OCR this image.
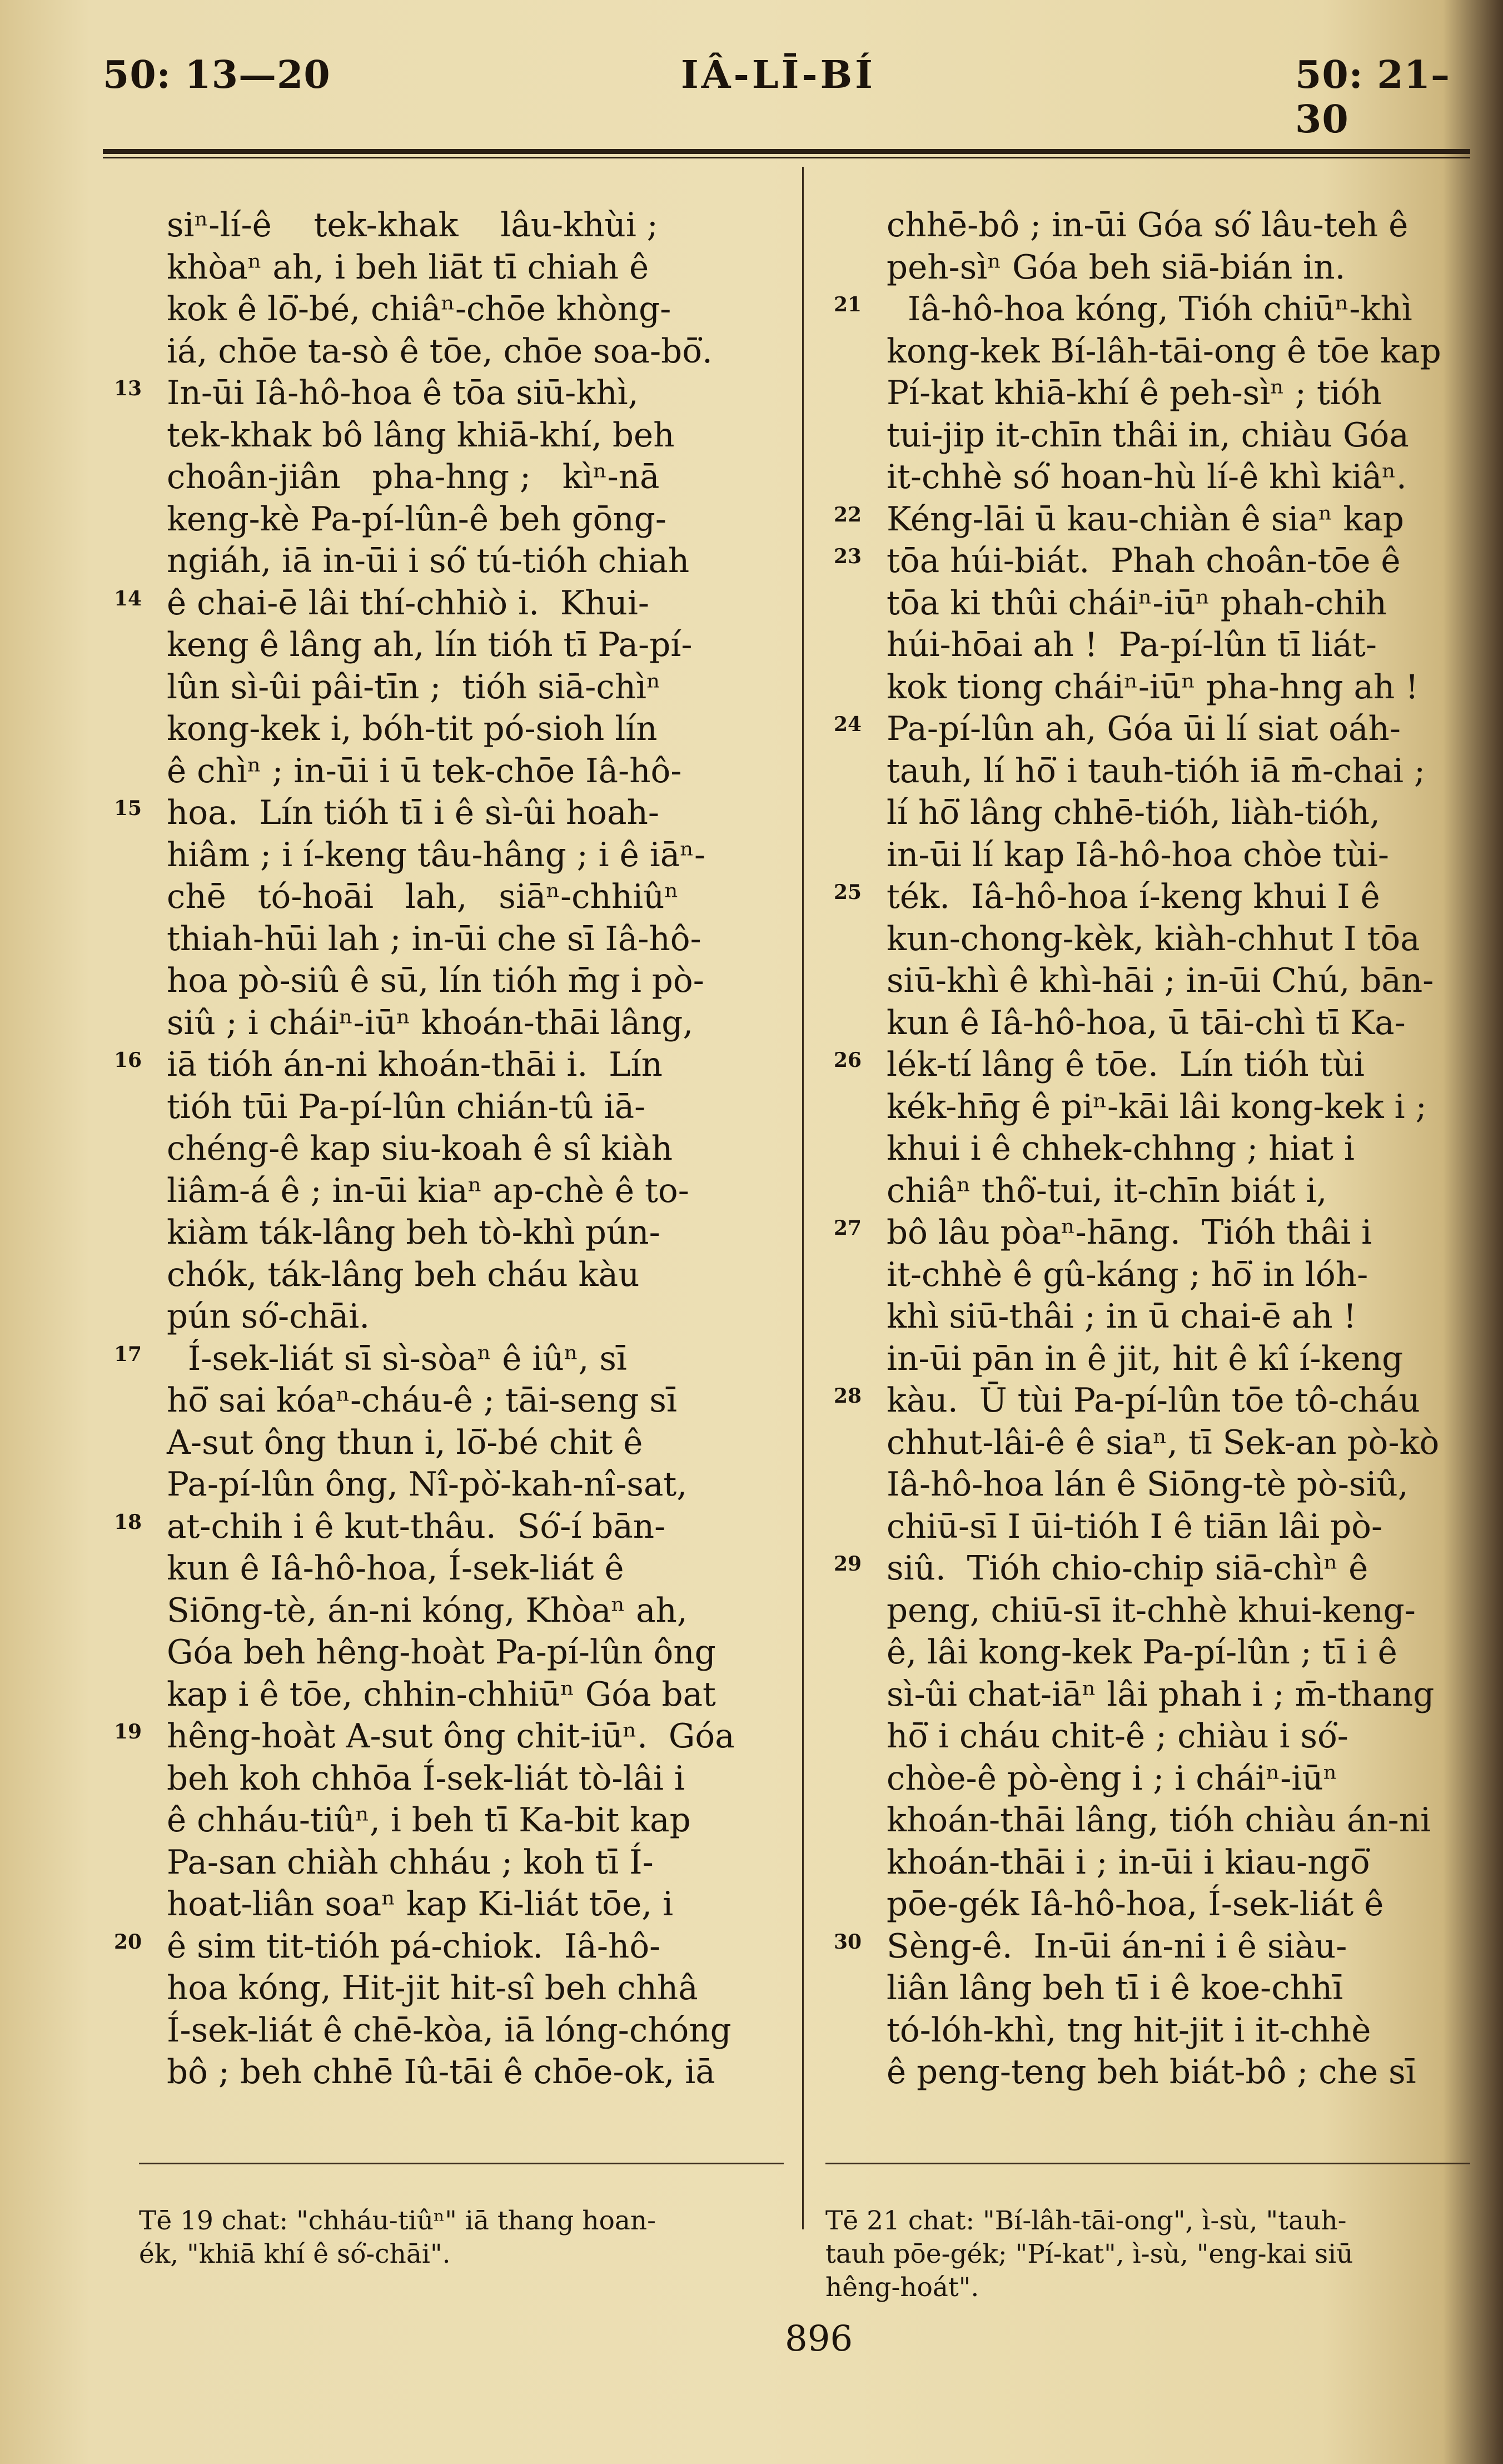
50: 13—20	IÂ-LĪ-BÍ	50: 21–30
siⁿ-lí-ê    tek-khak    lâu-khùi ;
khòaⁿ ah, i beh liāt tī chiah ê
kok ê lō͘-bé, chiâⁿ-chōe khòng-
iá, chōe ta-sò ê tōe, chōe soa-bō͘.
13 In-ūi Iâ-hô-hoa ê tōa siū-khì,
tek-khak bô lâng khiā-khí, beh
choân-jiân   pha-hng ;   kìⁿ-nā
keng-kè Pa-pí-lûn-ê beh gōng-
ngiáh, iā in-ūi i só͘ tú-tióh chiah
14 ê chai-ē lâi thí-chhiò i.  Khui-
keng ê lâng ah, lín tióh tī Pa-pí-
lûn sì-ûi pâi-tīn ;  tióh siā-chìⁿ
kong-kek i, bóh-tit pó-sioh lín
ê chìⁿ ; in-ūi i ū tek-chōe Iâ-hô-
15 hoa.  Lín tióh tī i ê sì-ûi hoah-
hiâm ; i í-keng tâu-hâng ; i ê iāⁿ-
chē   tó-hoāi   lah,   siāⁿ-chhiûⁿ
thiah-hūi lah ; in-ūi che sī Iâ-hô-
hoa pò-siû ê sū, lín tióh m̄g i pò-
siû ; i cháiⁿ-iūⁿ khoán-thāi lâng,
16 iā tióh án-ni khoán-thāi i.  Lín
tióh tūi Pa-pí-lûn chián-tû iā-
chéng-ê kap siu-koah ê sî kiàh
liâm-á ê ; in-ūi kiaⁿ ap-chè ê to-
kiàm ták-lâng beh tò-khì pún-
chók, ták-lâng beh cháu kàu
pún só͘-chāi.
17 Í-sek-liát sī sì-sòaⁿ ê iûⁿ, sī
hō͘ sai kóaⁿ-cháu-ê ; tāi-seng sī
A-sut ông thun i, lō͘-bé chit ê
Pa-pí-lûn ông, Nî-pò͘-kah-nî-sat,
18 at-chih i ê kut-thâu.  Só͘-í bān-
kun ê Iâ-hô-hoa, Í-sek-liát ê
Siōng-tè, án-ni kóng, Khòaⁿ ah,
Góa beh hêng-hoàt Pa-pí-lûn ông
kap i ê tōe, chhin-chhiūⁿ Góa bat
19 hêng-hoàt A-sut ông chit-iūⁿ.  Góa
beh koh chhōa Í-sek-liát tò-lâi i
ê chháu-tiûⁿ, i beh tī Ka-bit kap
Pa-san chiàh chháu ; koh tī Í-
hoat-liân soaⁿ kap Ki-liát tōe, i
20 ê sim tit-tióh pá-chiok.  Iâ-hô-
hoa kóng, Hit-jit hit-sî beh chhâ
Í-sek-liát ê chē-kòa, iā lóng-chóng
bô ; beh chhē Iû-tāi ê chōe-ok, iā
chhē-bô ; in-ūi Góa só͘ lâu-teh ê
peh-sìⁿ Góa beh siā-bián in.
21 Iâ-hô-hoa kóng, Tióh chiūⁿ-khì
kong-kek Bí-lâh-tāi-ong ê tōe kap
Pí-kat khiā-khí ê peh-sìⁿ ; tióh
tui-jip it-chīn thâi in, chiàu Góa
it-chhè só͘ hoan-hù lí-ê khì kiâⁿ.
22 Kéng-lāi ū kau-chiàn ê siaⁿ kap
23 tōa húi-biát.  Phah choân-tōe ê
tōa ki thûi cháiⁿ-iūⁿ phah-chih
húi-hōai ah !  Pa-pí-lûn tī liát-
kok tiong cháiⁿ-iūⁿ pha-hng ah !
24 Pa-pí-lûn ah, Góa ūi lí siat oáh-
tauh, lí hō͘ i tauh-tióh iā m̄-chai ;
lí hō͘ lâng chhē-tióh, liàh-tióh,
in-ūi lí kap Iâ-hô-hoa chòe tùi-
25 ték.  Iâ-hô-hoa í-keng khui I ê
kun-chong-kèk, kiàh-chhut I tōa
siū-khì ê khì-hāi ; in-ūi Chú, bān-
kun ê Iâ-hô-hoa, ū tāi-chì tī Ka-
26 lék-tí lâng ê tōe.  Lín tióh tùi
kék-hn̄g ê piⁿ-kāi lâi kong-kek i ;
khui i ê chhek-chhng ; hiat i
chiâⁿ thô͘-tui, it-chīn biát i,
27 bô lâu pòaⁿ-hāng.  Tióh thâi i
it-chhè ê gû-káng ; hō͘ in lóh-
khì siū-thâi ; in ū chai-ē ah !
in-ūi pān in ê jit, hit ê kî í-keng
28 kàu.  Ū tùi Pa-pí-lûn tōe tô-cháu
chhut-lâi-ê ê siaⁿ, tī Sek-an pò-kò
Iâ-hô-hoa lán ê Siōng-tè pò-siû,
chiū-sī I ūi-tióh I ê tiān lâi pò-
29 siû.  Tióh chio-chip siā-chìⁿ ê
peng, chiū-sī it-chhè khui-keng-
ê, lâi kong-kek Pa-pí-lûn ; tī i ê
sì-ûi chat-iāⁿ lâi phah i ; m̄-thang
hō͘ i cháu chit-ê ; chiàu i só͘-
chòe-ê pò-èng i ; i cháiⁿ-iūⁿ
khoán-thāi lâng, tióh chiàu án-ni
khoán-thāi i ; in-ūi i kiau-ngō͘
pōe-gék Iâ-hô-hoa, Í-sek-liát ê
30 Sèng-ê.  In-ūi án-ni i ê siàu-
liân lâng beh tī i ê koe-chhī
tó-lóh-khì, tng hit-jit i it-chhè
ê peng-teng beh biát-bô ; che sī
Tē 19 chat: "chháu-tiûⁿ" iā thang hoan-
ék, "khiā khí ê só͘-chāi".
Tē 21 chat: "Bí-lâh-tāi-ong", ì-sù, "tauh-
tauh pōe-gék; "Pí-kat", ì-sù, "eng-kai siū
hêng-hoát".
896
